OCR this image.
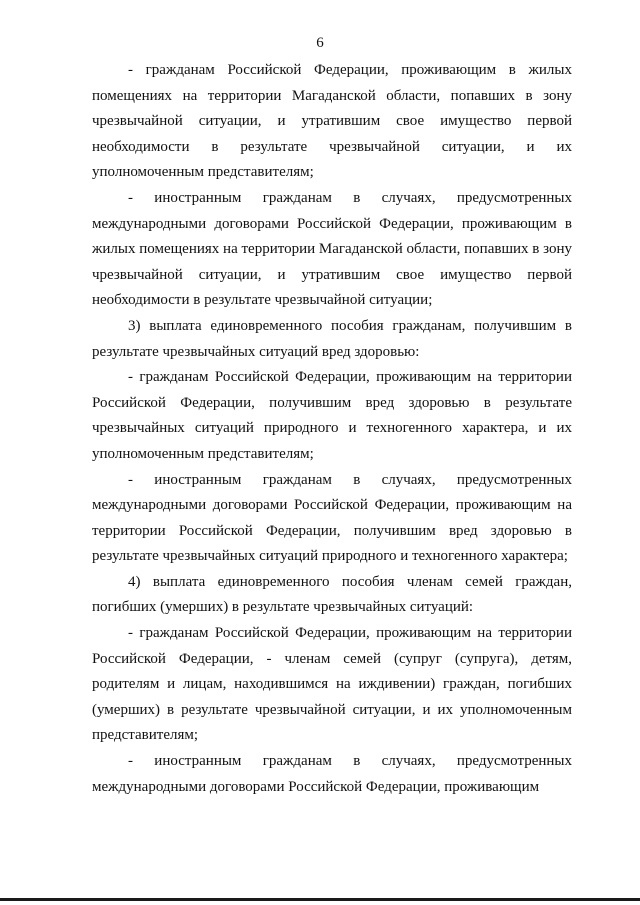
6

- гражданам Российской Федерации, проживающим в жилых помещениях на территории Магаданской области, попавших в зону чрезвычайной ситуации, и утратившим свое имущество первой необходимости в результате чрезвычайной ситуации, и их уполномоченным представителям;

- иностранным гражданам в случаях, предусмотренных международными договорами Российской Федерации, проживающим в жилых помещениях на территории Магаданской области, попавших в зону чрезвычайной ситуации, и утратившим свое имущество первой необходимости в результате чрезвычайной ситуации;

3) выплата единовременного пособия гражданам, получившим в результате чрезвычайных ситуаций вред здоровью:

- гражданам Российской Федерации, проживающим на территории Российской Федерации, получившим вред здоровью в результате чрезвычайных ситуаций природного и техногенного характера, и их уполномоченным представителям;

- иностранным гражданам в случаях, предусмотренных международными договорами Российской Федерации, проживающим на территории Российской Федерации, получившим вред здоровью в результате чрезвычайных ситуаций природного и техногенного характера;

4) выплата единовременного пособия членам семей граждан, погибших (умерших) в результате чрезвычайных ситуаций:

- гражданам Российской Федерации, проживающим на территории Российской Федерации, - членам семей (супруг (супруга), детям, родителям и лицам, находившимся на иждивении) граждан, погибших (умерших) в результате чрезвычайной ситуации, и их уполномоченным представителям;

- иностранным гражданам в случаях, предусмотренных международными договорами Российской Федерации, проживающим
